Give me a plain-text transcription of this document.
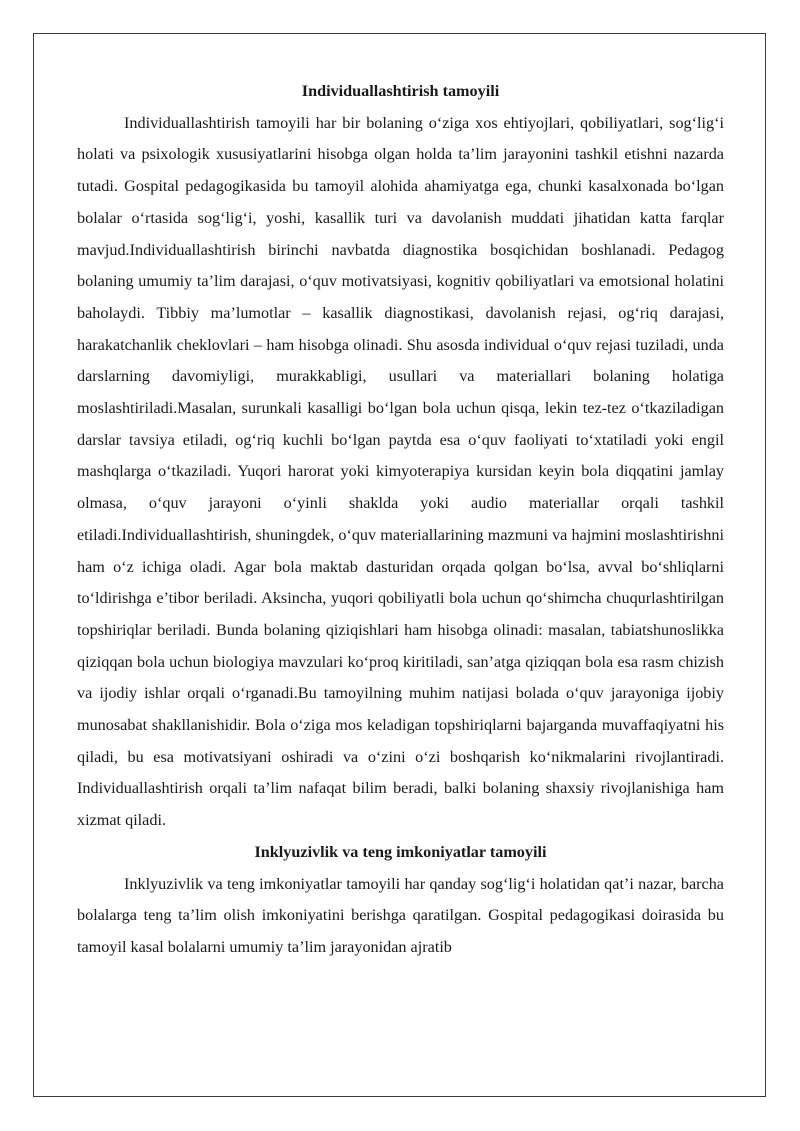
Individuallashtirish tamoyili

Individuallashtirish tamoyili har bir bolaning o‘ziga xos ehtiyojlari, qobiliyatlari, sog‘lig‘i holati va psixologik xususiyatlarini hisobga olgan holda ta’lim jarayonini tashkil etishni nazarda tutadi. Gospital pedagogikasida bu tamoyil alohida ahamiyatga ega, chunki kasalxonada bo‘lgan bolalar o‘rtasida sog‘lig‘i, yoshi, kasallik turi va davolanish muddati jihatidan katta farqlar mavjud.Individuallashtirish birinchi navbatda diagnostika bosqichidan boshlanadi. Pedagog bolaning umumiy ta’lim darajasi, o‘quv motivatsiyasi, kognitiv qobiliyatlari va emotsional holatini baholaydi. Tibbiy ma’lumotlar – kasallik diagnostikasi, davolanish rejasi, og‘riq darajasi, harakatchanlik cheklovlari – ham hisobga olinadi. Shu asosda individual o‘quv rejasi tuziladi, unda darslarning davomiyligi, murakkabligi, usullari va materiallari bolaning holatiga moslashtiriladi.Masalan, surunkali kasalligi bo‘lgan bola uchun qisqa, lekin tez-tez o‘tkaziladigan darslar tavsiya etiladi, og‘riq kuchli bo‘lgan paytda esa o‘quv faoliyati to‘xtatiladi yoki engil mashqlarga o‘tkaziladi. Yuqori harorat yoki kimyoterapiya kursidan keyin bola diqqatini jamlay olmasa, o‘quv jarayoni o‘yinli shaklda yoki audio materiallar orqali tashkil etiladi.Individuallashtirish, shuningdek, o‘quv materiallarining mazmuni va hajmini moslashtirishni ham o‘z ichiga oladi. Agar bola maktab dasturidan orqada qolgan bo‘lsa, avval bo‘shliqlarni to‘ldirishga e’tibor beriladi. Aksincha, yuqori qobiliyatli bola uchun qo‘shimcha chuqurlashtirilgan topshiriqlar beriladi. Bunda bolaning qiziqishlari ham hisobga olinadi: masalan, tabiatshunoslikka qiziqqan bola uchun biologiya mavzulari ko‘proq kiritiladi, san’atga qiziqqan bola esa rasm chizish va ijodiy ishlar orqali o‘rganadi.Bu tamoyilning muhim natijasi bolada o‘quv jarayoniga ijobiy munosabat shakllanishidir. Bola o‘ziga mos keladigan topshiriqlarni bajarganda muvaffaqiyatni his qiladi, bu esa motivatsiyani oshiradi va o‘zini o‘zi boshqarish ko‘nikmalarini rivojlantiradi. Individuallashtirish orqali ta’lim nafaqat bilim beradi, balki bolaning shaxsiy rivojlanishiga ham xizmat qiladi.

Inklyuzivlik va teng imkoniyatlar tamoyili

Inklyuzivlik va teng imkoniyatlar tamoyili har qanday sog‘lig‘i holatidan qat’i nazar, barcha bolalarga teng ta’lim olish imkoniyatini berishga qaratilgan. Gospital pedagogikasi doirasida bu tamoyil kasal bolalarni umumiy ta’lim jarayonidan ajratib
